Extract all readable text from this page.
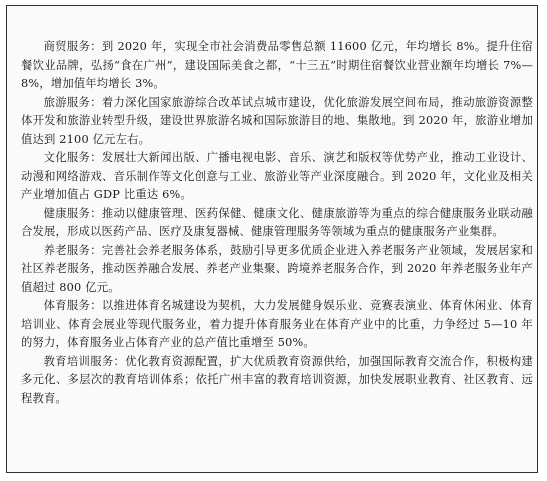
商贸服务：到 2020 年，实现全市社会消费品零售总额 11600 亿元，年均增长 8%。提升住宿餐饮业品牌，弘扬“食在广州”，建设国际美食之都，“十三五”时期住宿餐饮业营业额年均增长 7%—8%，增加值年均增长 3%。

旅游服务：着力深化国家旅游综合改革试点城市建设，优化旅游发展空间布局，推动旅游资源整体开发和旅游业转型升级，建设世界旅游名城和国际旅游目的地、集散地。到 2020 年，旅游业增加值达到 2100 亿元左右。

文化服务：发展壮大新闻出版、广播电视电影、音乐、演艺和版权等优势产业，推动工业设计、动漫和网络游戏、音乐制作等文化创意与工业、旅游业等产业深度融合。到 2020 年，文化业及相关产业增加值占 GDP 比重达 6%。

健康服务：推动以健康管理、医药保健、健康文化、健康旅游等为重点的综合健康服务业联动融合发展，形成以医药产品、医疗及康复器械、健康管理服务等领域为重点的健康服务产业集群。

养老服务：完善社会养老服务体系，鼓励引导更多优质企业进入养老服务产业领域，发展居家和社区养老服务，推动医养融合发展、养老产业集聚、跨境养老服务合作，到 2020 年养老服务业年产值超过 800 亿元。

体育服务：以推进体育名城建设为契机，大力发展健身娱乐业、竞赛表演业、体育休闲业、体育培训业、体育会展业等现代服务业，着力提升体育服务业在体育产业中的比重，力争经过 5—10 年的努力，体育服务业占体育产业的总产值比重增至 50%。

教育培训服务：优化教育资源配置，扩大优质教育资源供给，加强国际教育交流合作，积极构建多元化、多层次的教育培训体系；依托广州丰富的教育培训资源，加快发展职业教育、社区教育、远程教育。
